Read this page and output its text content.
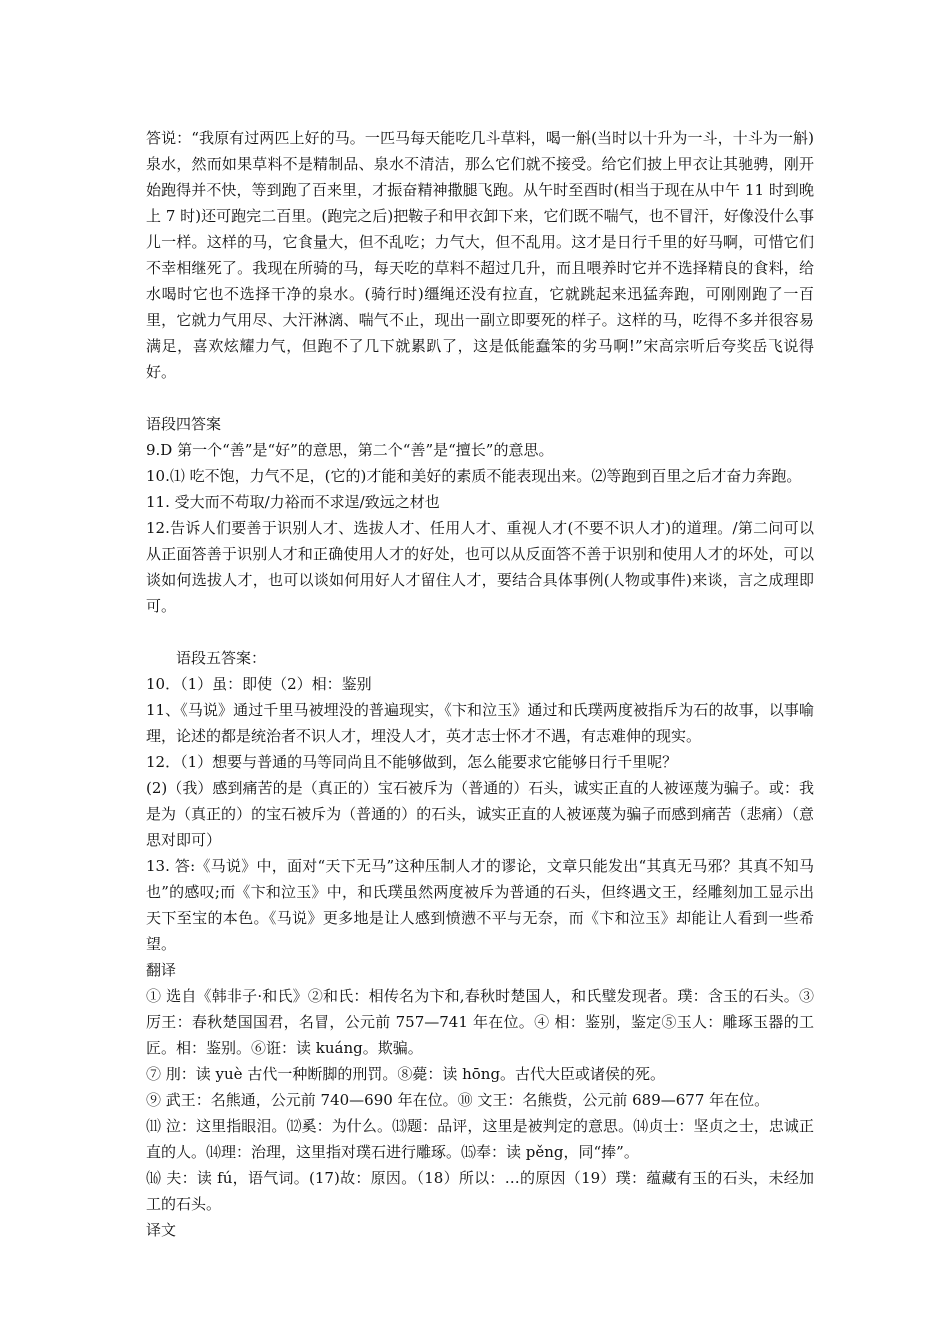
答说：“我原有过两匹上好的马。一匹马每天能吃几斗草料，喝一斛(当时以十升为一斗，十斗为一斛)泉水，然而如果草料不是精制品、泉水不清洁，那么它们就不接受。给它们披上甲衣让其驰骋，刚开始跑得并不快，等到跑了百来里，才振奋精神撒腿飞跑。从午时至酉时(相当于现在从中午 11 时到晚上 7 时)还可跑完二百里。(跑完之后)把鞍子和甲衣卸下来，它们既不喘气，也不冒汗，好像没什么事儿一样。这样的马，它食量大，但不乱吃；力气大，但不乱用。这才是日行千里的好马啊，可惜它们不幸相继死了。我现在所骑的马，每天吃的草料不超过几升，而且喂养时它并不选择精良的食料，给水喝时它也不选择干净的泉水。(骑行时)缰绳还没有拉直，它就跳起来迅猛奔跑，可刚刚跑了一百里，它就力气用尽、大汗淋漓、喘气不止，现出一副立即要死的样子。这样的马，吃得不多并很容易满足，喜欢炫耀力气，但跑不了几下就累趴了，这是低能蠢笨的劣马啊!”宋高宗听后夸奖岳飞说得好。

语段四答案

9.D 第一个“善”是“好”的意思，第二个“善”是“擅长”的意思。

10.⑴ 吃不饱，力气不足，(它的)才能和美好的素质不能表现出来。⑵等跑到百里之后才奋力奔跑。

11. 受大而不苟取/力裕而不求逞/致远之材也

12.告诉人们要善于识别人才、选拔人才、任用人才、重视人才(不要不识人才)的道理。/第二问可以从正面答善于识别人才和正确使用人才的好处，也可以从反面答不善于识别和使用人才的坏处，可以谈如何选拔人才，也可以谈如何用好人才留住人才，要结合具体事例(人物或事件)来谈，言之成理即可。

语段五答案：

10．（1）虽：即使（2）相：鉴别

11、《马说》通过千里马被埋没的普遍现实，《卞和泣玉》通过和氏璞两度被指斥为石的故事，以事喻理，论述的都是统治者不识人才，埋没人才，英才志士怀才不遇，有志难伸的现实。

12．（1）想要与普通的马等同尚且不能够做到，怎么能要求它能够日行千里呢？

(2)（我）感到痛苦的是（真正的）宝石被斥为（普通的）石头，诚实正直的人被诬蔑为骗子。或：我是为（真正的）的宝石被斥为（普通的）的石头，诚实正直的人被诬蔑为骗子而感到痛苦（悲痛）（意思对即可）

13. 答:《马说》中，面对“天下无马”这种压制人才的谬论，文章只能发出“其真无马邪？其真不知马也”的感叹;而《卞和泣玉》中，和氏璞虽然两度被斥为普通的石头，但终遇文王，经雕刻加工显示出天下至宝的本色。《马说》更多地是让人感到愤懑不平与无奈，而《卞和泣玉》却能让人看到一些希望。

翻译

① 选自《韩非子·和氏》②和氏：相传名为卞和,春秋时楚国人，和氏璧发现者。璞：含玉的石头。③厉王：春秋楚国国君，名冒，公元前 757—741 年在位。④ 相：鉴别，鉴定⑤玉人：雕琢玉器的工匠。相：鉴别。⑥诳：读 kuáng。欺骗。

⑦ 刖：读 yuè 古代一种断脚的刑罚。⑧薨：读 hōng。古代大臣或诸侯的死。

⑨ 武王：名熊通，公元前 740—690 年在位。⑩ 文王：名熊赀，公元前 689—677 年在位。

⑾ 泣：这里指眼泪。⑿奚：为什么。⒀题：品评，这里是被判定的意思。⒁贞士：坚贞之士，忠诚正直的人。⒁理：治理，这里指对璞石进行雕琢。⒂奉：读 pěng，同“捧”。

⒃ 夫：读 fú，语气词。(17)故：原因。（18）所以：…的原因（19）璞：蕴藏有玉的石头，未经加工的石头。

译文
